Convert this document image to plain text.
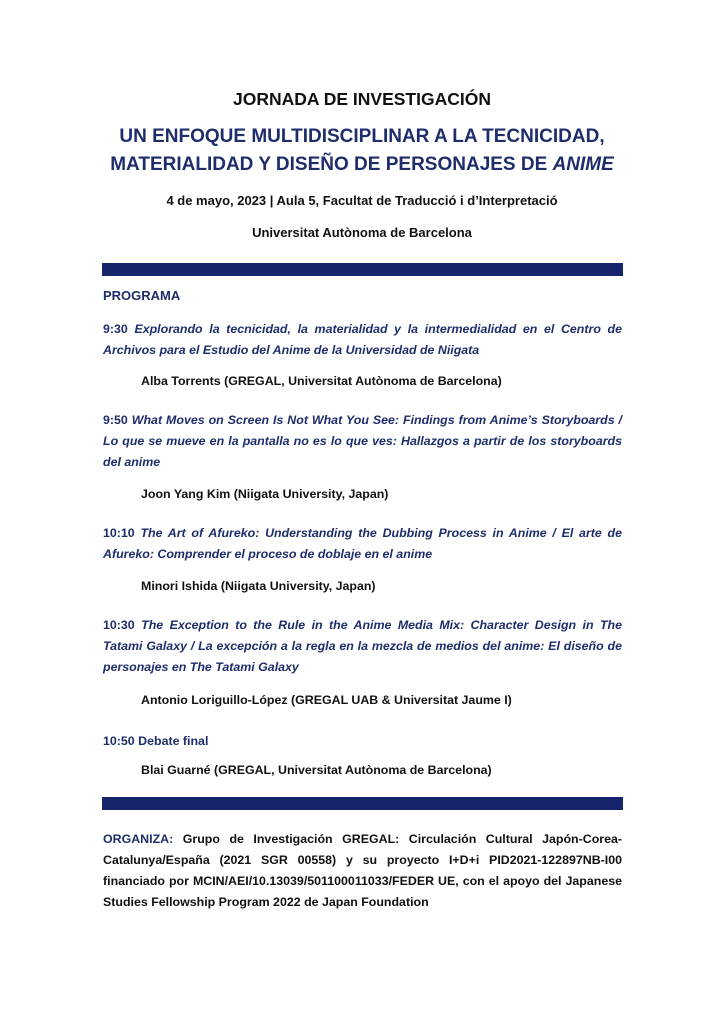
JORNADA DE INVESTIGACIÓN
UN ENFOQUE MULTIDISCIPLINAR A LA TECNICIDAD,
MATERIALIDAD Y DISEÑO DE PERSONAJES DE ANIME
4 de mayo, 2023 | Aula 5, Facultat de Traducció i d’Interpretació
Universitat Autònoma de Barcelona
PROGRAMA
9:30 Explorando la tecnicidad, la materialidad y la intermedialidad en el Centro de Archivos para el Estudio del Anime de la Universidad de Niigata
Alba Torrents (GREGAL, Universitat Autònoma de Barcelona)
9:50 What Moves on Screen Is Not What You See: Findings from Anime’s Storyboards / Lo que se mueve en la pantalla no es lo que ves: Hallazgos a partir de los storyboards del anime
Joon Yang Kim (Niigata University, Japan)
10:10 The Art of Afureko: Understanding the Dubbing Process in Anime / El arte de Afureko: Comprender el proceso de doblaje en el anime
Minori Ishida (Niigata University, Japan)
10:30 The Exception to the Rule in the Anime Media Mix: Character Design in The Tatami Galaxy / La excepción a la regla en la mezcla de medios del anime: El diseño de personajes en The Tatami Galaxy
Antonio Loriguillo-López (GREGAL UAB & Universitat Jaume I)
10:50 Debate final
Blai Guarné (GREGAL, Universitat Autònoma de Barcelona)
ORGANIZA: Grupo de Investigación GREGAL: Circulación Cultural Japón-Corea-Catalunya/España (2021 SGR 00558) y su proyecto I+D+i PID2021-122897NB-I00 financiado por MCIN/AEI/10.13039/501100011033/FEDER UE, con el apoyo del Japanese Studies Fellowship Program 2022 de Japan Foundation
